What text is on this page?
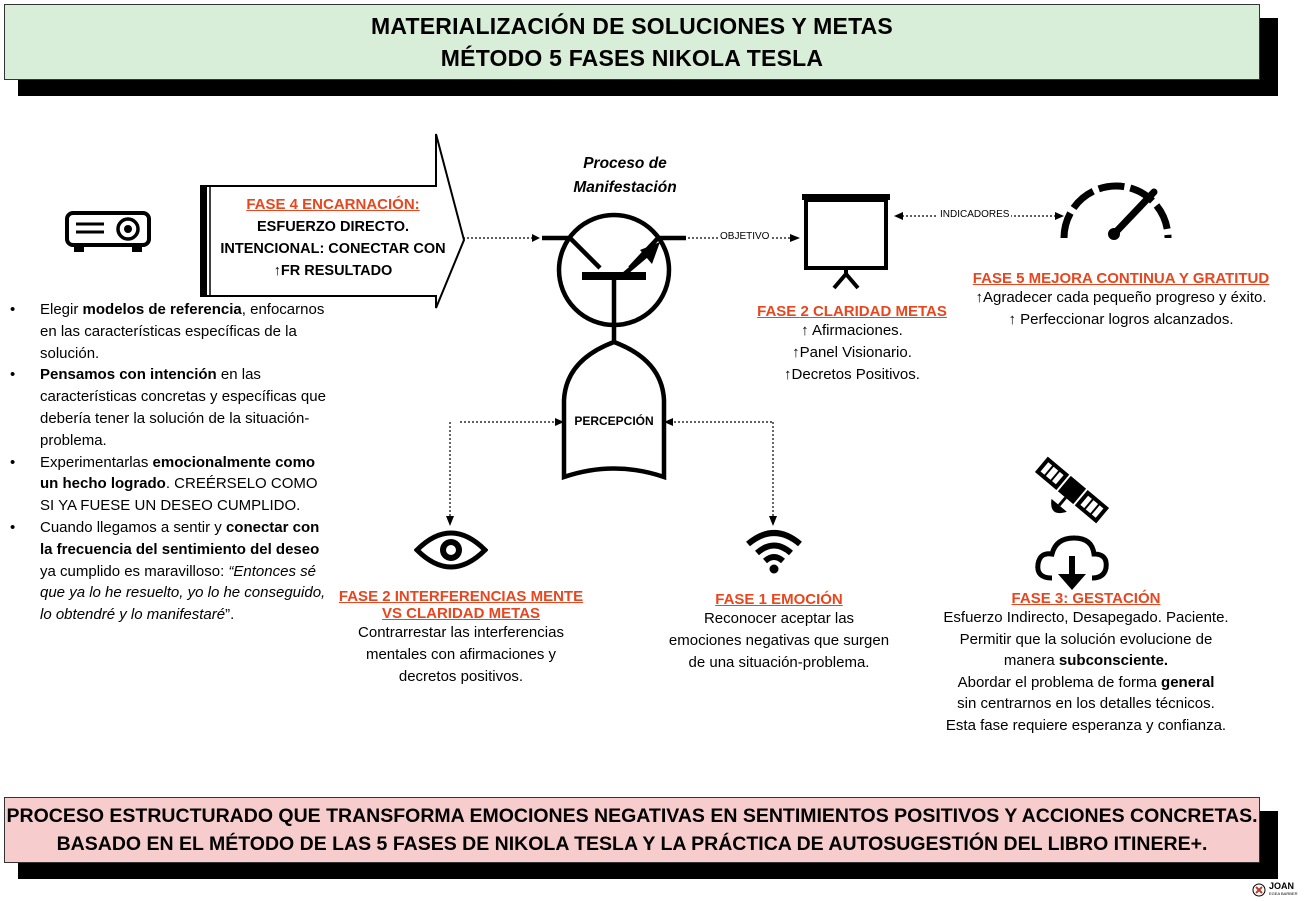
MATERIALIZACIÓN DE SOLUCIONES Y METAS
MÉTODO 5 FASES NIKOLA TESLA
FASE 4 ENCARNACIÓN:
ESFUERZO DIRECTO.
INTENCIONAL: CONECTAR CON
↑FR RESULTADO
• Elegir modelos de referencia, enfocarnos en las características específicas de la solución.
• Pensamos con intención en las características concretas y específicas que debería tener la solución de la situación-problema.
• Experimentarlas emocionalmente como un hecho logrado. CREÉRSELO COMO SI YA FUESE UN DESEO CUMPLIDO.
• Cuando llegamos a sentir y conectar con la frecuencia del sentimiento del deseo ya cumplido es maravilloso: “Entonces sé que ya lo he resuelto, yo lo he conseguido, lo obtendré y lo manifestaré”.
Proceso de
Manifestación
OBJETIVO
PERCEPCIÓN
INDICADORES
FASE 2 CLARIDAD METAS
↑ Afirmaciones.
↑Panel Visionario.
↑Decretos Positivos.
FASE 5 MEJORA CONTINUA Y GRATITUD
↑Agradecer cada pequeño progreso y éxito.
↑ Perfeccionar logros alcanzados.
FASE 2 INTERFERENCIAS MENTE
VS CLARIDAD METAS
Contrarrestar las interferencias
mentales con afirmaciones y
decretos positivos.
FASE 1 EMOCIÓN
Reconocer aceptar las
emociones negativas que surgen
de una situación-problema.
FASE 3: GESTACIÓN
Esfuerzo Indirecto, Desapegado. Paciente.
Permitir que la solución evolucione de
manera subconsciente.
Abordar el problema de forma general
sin centrarnos en los detalles técnicos.
Esta fase requiere esperanza y confianza.
PROCESO ESTRUCTURADO QUE TRANSFORMA EMOCIONES NEGATIVAS EN SENTIMIENTOS POSITIVOS Y ACCIONES CONCRETAS.
BASADO EN EL MÉTODO DE LAS 5 FASES DE NIKOLA TESLA Y LA PRÁCTICA DE AUTOSUGESTIÓN DEL LIBRO ITINERE+.
JOAN
EGEA BARBER
